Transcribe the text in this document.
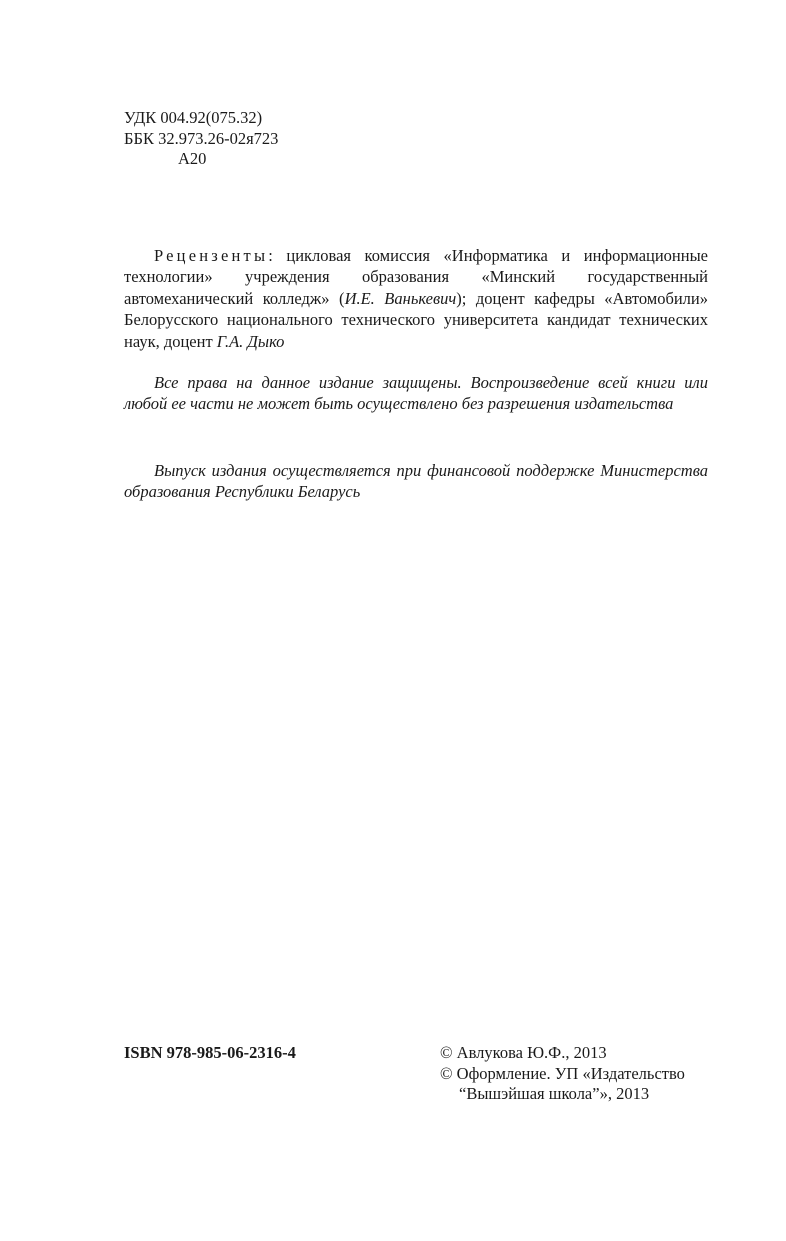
УДК 004.92(075.32)
ББК 32.973.26-02я723
А20
Рецензенты: цикловая комиссия «Информатика и информационные технологии» учреждения образования «Минский государственный автомеханический колледж» (И.Е. Ванькевич); доцент кафедры «Автомобили» Белорусского национального технического университета кандидат технических наук, доцент Г.А. Дыко
Все права на данное издание защищены. Воспроизведение всей книги или любой ее части не может быть осуществлено без разрешения издательства
Выпуск издания осуществляется при финансовой поддержке Министерства образования Республики Беларусь
ISBN 978-985-06-2316-4	© Авлукова Ю.Ф., 2013
© Оформление. УП «Издательство
“Вышэйшая школа”», 2013
